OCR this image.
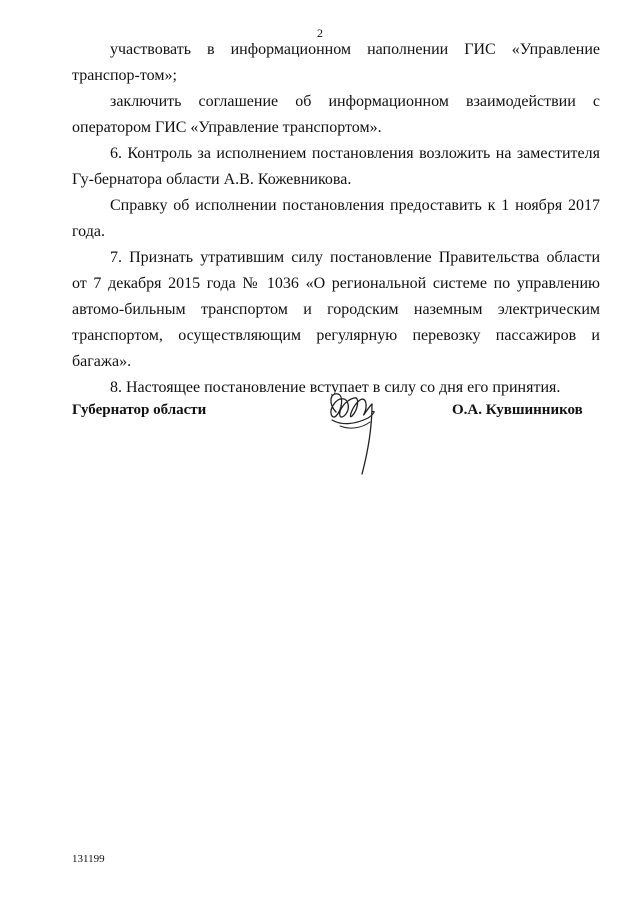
2

участвовать в информационном наполнении ГИС «Управление транспор-том»;

заключить соглашение об информационном взаимодействии с оператором ГИС «Управление транспортом».

6. Контроль за исполнением постановления возложить на заместителя Гу-бернатора области А.В. Кожевникова.

Справку об исполнении постановления предоставить к 1 ноября 2017 года.

7. Признать утратившим силу постановление Правительства области от 7 декабря 2015 года № 1036 «О региональной системе по управлению автомо-бильным транспортом и городским наземным электрическим транспортом, осуществляющим регулярную перевозку пассажиров и багажа».

8. Настоящее постановление вступает в силу со дня его принятия.

Губернатор области	О.А. Кувшинников
131199
